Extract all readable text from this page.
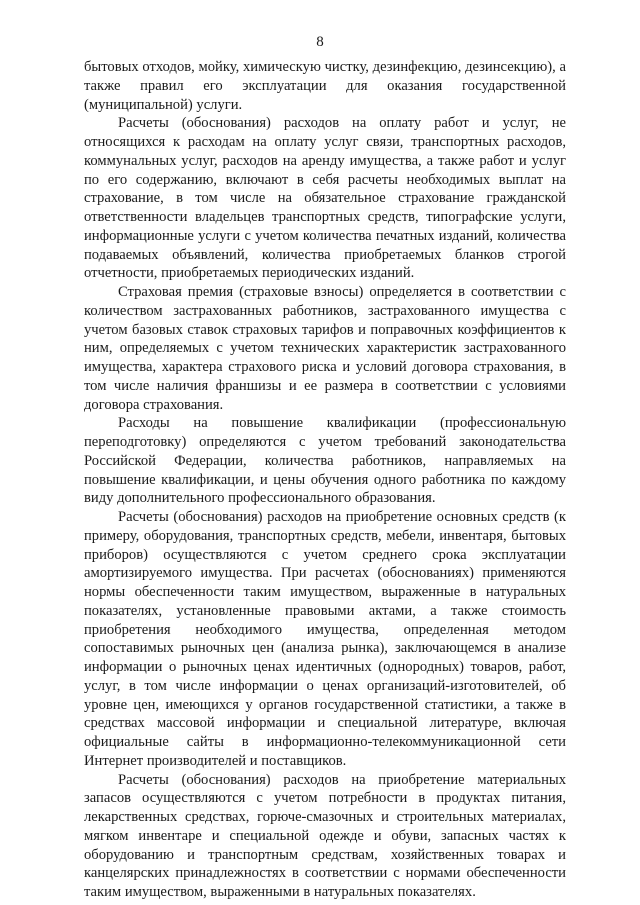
8

бытовых отходов, мойку, химическую чистку, дезинфекцию, дезинсекцию), а также правил его эксплуатации для оказания государственной (муниципальной) услуги.

Расчеты (обоснования) расходов на оплату работ и услуг, не относящихся к расходам на оплату услуг связи, транспортных расходов, коммунальных услуг, расходов на аренду имущества, а также работ и услуг по его содержанию, включают в себя расчеты необходимых выплат на страхование, в том числе на обязательное страхование гражданской ответственности владельцев транспортных средств, типографские услуги, информационные услуги с учетом количества печатных изданий, количества подаваемых объявлений, количества приобретаемых бланков строгой отчетности, приобретаемых периодических изданий.

Страховая премия (страховые взносы) определяется в соответствии с количеством застрахованных работников, застрахованного имущества с учетом базовых ставок страховых тарифов и поправочных коэффициентов к ним, определяемых с учетом технических характеристик застрахованного имущества, характера страхового риска и условий договора страхования, в том числе наличия франшизы и ее размера в соответствии с условиями договора страхования.

Расходы на повышение квалификации (профессиональную переподготовку) определяются с учетом требований законодательства Российской Федерации, количества работников, направляемых на повышение квалификации, и цены обучения одного работника по каждому виду дополнительного профессионального образования.

Расчеты (обоснования) расходов на приобретение основных средств (к примеру, оборудования, транспортных средств, мебели, инвентаря, бытовых приборов) осуществляются с учетом среднего срока эксплуатации амортизируемого имущества. При расчетах (обоснованиях) применяются нормы обеспеченности таким имуществом, выраженные в натуральных показателях, установленные правовыми актами, а также стоимость приобретения необходимого имущества, определенная методом сопоставимых рыночных цен (анализа рынка), заключающемся в анализе информации о рыночных ценах идентичных (однородных) товаров, работ, услуг, в том числе информации о ценах организаций-изготовителей, об уровне цен, имеющихся у органов государственной статистики, а также в средствах массовой информации и специальной литературе, включая официальные сайты в информационно-телекоммуникационной сети Интернет производителей и поставщиков.

Расчеты (обоснования) расходов на приобретение материальных запасов осуществляются с учетом потребности в продуктах питания, лекарственных средствах, горюче-смазочных и строительных материалах, мягком инвентаре и специальной одежде и обуви, запасных частях к оборудованию и транспортным средствам, хозяйственных товарах и канцелярских принадлежностях в соответствии с нормами обеспеченности таким имуществом, выраженными в натуральных показателях.
